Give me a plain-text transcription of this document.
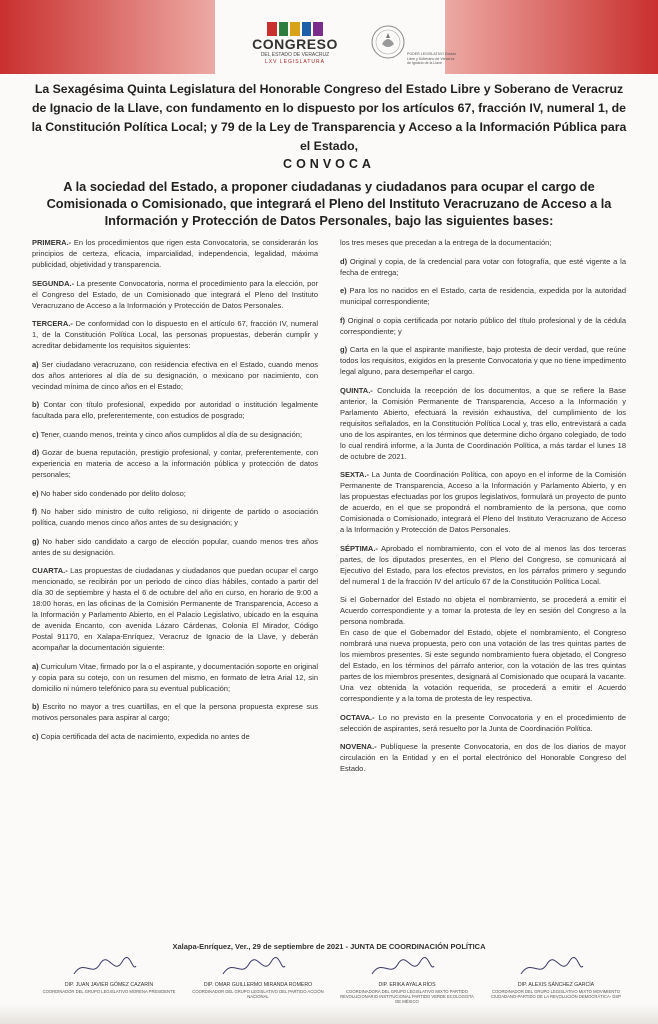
CONGRESO
DEL ESTADO DE VERACRUZ
LXV LEGISLATURA
PODER LEGISLATIVO Estado Libre y Soberano de Veracruz de Ignacio de la Llave
La Sexagésima Quinta Legislatura del Honorable Congreso del Estado Libre y Soberano de Veracruz de Ignacio de la Llave, con fundamento en lo dispuesto por los artículos 67, fracción IV, numeral 1, de la Constitución Política Local; y 79 de la Ley de Transparencia y Acceso a la Información Pública para el Estado,
CONVOCA
A la sociedad del Estado, a proponer ciudadanas y ciudadanos para ocupar el cargo de Comisionada o Comisionado, que integrará el Pleno del Instituto Veracruzano de Acceso a la Información y Protección de Datos Personales, bajo las siguientes bases:

PRIMERA.- En los procedimientos que rigen esta Convocatoria, se considerarán los principios de certeza, eficacia, imparcialidad, independencia, legalidad, máxima publicidad, objetividad y transparencia.

SEGUNDA.- La presente Convocatoria, norma el procedimiento para la elección, por el Congreso del Estado, de un Comisionado que integrará el Pleno del Instituto Veracruzano de Acceso a la Información y Protección de Datos Personales.

TERCERA.- De conformidad con lo dispuesto en el artículo 67, fracción IV, numeral 1, de la Constitución Política Local, las personas propuestas, deberán cumplir y acreditar debidamente los requisitos siguientes:

a) Ser ciudadano veracruzano, con residencia efectiva en el Estado, cuando menos dos años anteriores al día de su designación, o mexicano por nacimiento, con vecindad mínima de cinco años en el Estado;

b) Contar con título profesional, expedido por autoridad o institución legalmente facultada para ello, preferentemente, con estudios de posgrado;

c) Tener, cuando menos, treinta y cinco años cumplidos al día de su designación;

d) Gozar de buena reputación, prestigio profesional, y contar, preferentemente, con experiencia en materia de acceso a la información pública y protección de datos personales;

e) No haber sido condenado por delito doloso;

f) No haber sido ministro de culto religioso, ni dirigente de partido o asociación política, cuando menos cinco años antes de su designación; y

g) No haber sido candidato a cargo de elección popular, cuando menos tres años antes de su designación.

CUARTA.- Las propuestas de ciudadanas y ciudadanos que puedan ocupar el cargo mencionado, se recibirán por un periodo de cinco días hábiles, contado a partir del día 30 de septiembre y hasta el 6 de octubre del año en curso, en horario de 9:00 a 18:00 horas, en las oficinas de la Comisión Permanente de Transparencia, Acceso a la Información y Parlamento Abierto, en el Palacio Legislativo, ubicado en la esquina de avenida Encanto, con avenida Lázaro Cárdenas, Colonia El Mirador, Código Postal 91170, en Xalapa-Enríquez, Veracruz de Ignacio de la Llave, y deberán acompañar la documentación siguiente:

a) Curriculum Vitae, firmado por la o el aspirante, y documentación soporte en original y copia para su cotejo, con un resumen del mismo, en formato de letra Arial 12, sin domicilio ni número telefónico para su eventual publicación;

b) Escrito no mayor a tres cuartillas, en el que la persona propuesta exprese sus motivos personales para aspirar al cargo;

c) Copia certificada del acta de nacimiento, expedida no antes de

los tres meses que precedan a la entrega de la documentación;

d) Original y copia, de la credencial para votar con fotografía, que esté vigente a la fecha de entrega;

e) Para los no nacidos en el Estado, carta de residencia, expedida por la autoridad municipal correspondiente;

f) Original o copia certificada por notario público del título profesional y de la cédula correspondiente; y

g) Carta en la que el aspirante manifieste, bajo protesta de decir verdad, que reúne todos los requisitos, exigidos en la presente Convocatoria y que no tiene impedimento legal alguno, para desempeñar el cargo.

QUINTA.- Concluida la recepción de los documentos, a que se refiere la Base anterior, la Comisión Permanente de Transparencia, Acceso a la Información y Parlamento Abierto, efectuará la revisión exhaustiva, del cumplimiento de los requisitos señalados, en la Constitución Política Local y, tras ello, entrevistará a cada uno de los aspirantes, en los términos que determine dicho órgano colegiado, de todo lo cual rendirá informe, a la Junta de Coordinación Política, a más tardar el lunes 18 de octubre de 2021.

SEXTA.- La Junta de Coordinación Política, con apoyo en el informe de la Comisión Permanente de Transparencia, Acceso a la Información y Parlamento Abierto, y en las propuestas efectuadas por los grupos legislativos, formulará un proyecto de punto de acuerdo, en el que se propondrá el nombramiento de la persona, que como Comisionada o Comisionado, integrará el Pleno del Instituto Veracruzano de Acceso a la Información y Protección de Datos Personales.

SÉPTIMA.- Aprobado el nombramiento, con el voto de al menos las dos terceras partes, de los diputados presentes, en el Pleno del Congreso, se comunicará al Ejecutivo del Estado, para los efectos previstos, en los párrafos primero y segundo del numeral 1 de la fracción IV del artículo 67 de la Constitución Política Local.

Si el Gobernador del Estado no objeta el nombramiento, se procederá a emitir el Acuerdo correspondiente y a tomar la protesta de ley en sesión del Congreso a la persona nombrada.
En caso de que el Gobernador del Estado, objete el nombramiento, el Congreso nombrará una nueva propuesta, pero con una votación de las tres quintas partes de los miembros presentes. Si este segundo nombramiento fuera objetado, el Congreso del Estado, en los términos del párrafo anterior, con la votación de las tres quintas partes de los miembros presentes, designará al Comisionado que ocupará la vacante. Una vez obtenida la votación requerida, se procederá a emitir el Acuerdo correspondiente y a la toma de protesta de ley respectiva.

OCTAVA.- Lo no previsto en la presente Convocatoria y en el procedimiento de selección de aspirantes, será resuelto por la Junta de Coordinación Política.

NOVENA.- Publíquese la presente Convocatoria, en dos de los diarios de mayor circulación en la Entidad y en el portal electrónico del Honorable Congreso del Estado.

Xalapa-Enríquez, Ver., 29 de septiembre de 2021 - JUNTA DE COORDINACIÓN POLÍTICA
DIP. JUAN JAVIER GÓMEZ CAZARÍN
COORDINADOR DEL GRUPO LEGISLATIVO MORENA PRESIDENTE
DIP. OMAR GUILLERMO MIRANDA ROMERO
COORDINADOR DEL GRUPO LEGISLATIVO DEL PARTIDO ACCIÓN NACIONAL
DIP. ERIKA AYALA RÍOS
COORDINADORA DEL GRUPO LEGISLATIVO MIXTO PARTIDO REVOLUCIONARIO INSTITUCIONAL PARTIDO VERDE ECOLOGISTA DE MÉXICO
DIP. ALEXIS SÁNCHEZ GARCÍA
COORDINADOR DEL GRUPO LEGISLATIVO MIXTO MOVIMIENTO CIUDADANO-PARTIDO DE LA REVOLUCIÓN DEMOCRÁTICA- DSP
